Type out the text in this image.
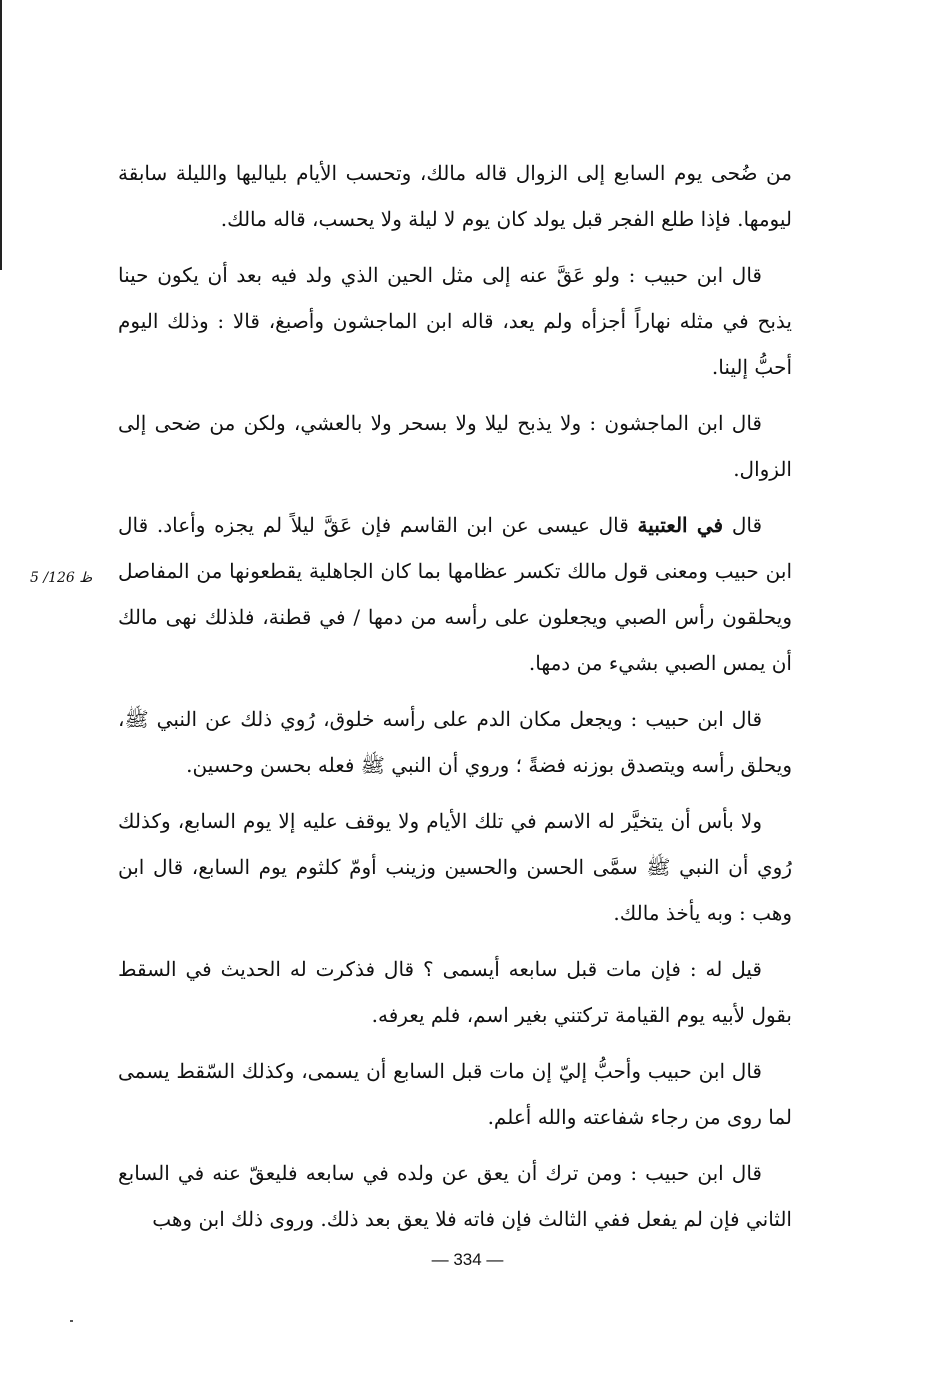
من ضُحى يوم السابع إلى الزوال قاله مالك، وتحسب الأيام بلياليها والليلة سابقة ليومها. فإذا طلع الفجر قبل يولد كان يوم لا ليلة ولا يحسب، قاله مالك.

قال ابن حبيب : ولو عَقَّ عنه إلى مثل الحين الذي ولد فيه بعد أن يكون حينا يذبح في مثله نهاراً أجزأه ولم يعد، قاله ابن الماجشون وأصبغ، قالا : وذلك اليوم أحبُّ إلينا.

قال ابن الماجشون : ولا يذبح ليلا ولا بسحر ولا بالعشي، ولكن من ضحى إلى الزوال.

قال في العتبية قال عيسى عن ابن القاسم فإن عَقَّ ليلاً لم يجزه وأعاد. قال ابن حبيب ومعنى قول مالك تكسر عظامها بما كان الجاهلية يقطعونها من المفاصل ويحلقون رأس الصبي ويجعلون على رأسه من دمها / في قطنة، فلذلك نهى مالك أن يمس الصبي بشيء من دمها.

قال ابن حبيب : ويجعل مكان الدم على رأسه خلوق، رُوي ذلك عن النبي ﷺ، ويحلق رأسه ويتصدق بوزنه فضةً ؛ وروي أن النبي ﷺ فعله بحسن وحسين.

ولا بأس أن يتخيَّر له الاسم في تلك الأيام ولا يوقف عليه إلا يوم السابع، وكذلك رُوي أن النبي ﷺ سمَّى الحسن والحسين وزينب أومّ كلثوم يوم السابع، قال ابن وهب : وبه يأخذ مالك.

قيل له : فإن مات قبل سابعه أيسمى ؟ قال فذكرت له الحديث في السقط بقول لأبيه يوم القيامة تركتني بغير اسم، فلم يعرفه.

قال ابن حبيب وأحبُّ إليّ إن مات قبل السابع أن يسمى، وكذلك السّقط يسمى لما روى من رجاء شفاعته والله أعلم.

قال ابن حبيب : ومن ترك أن يعق عن ولده في سابعه فليعقّ عنه في السابع الثاني فإن لم يفعل ففي الثالث فإن فاته فلا يعق بعد ذلك. وروى ذلك ابن وهب

5 /126 ظ
— 334 —
